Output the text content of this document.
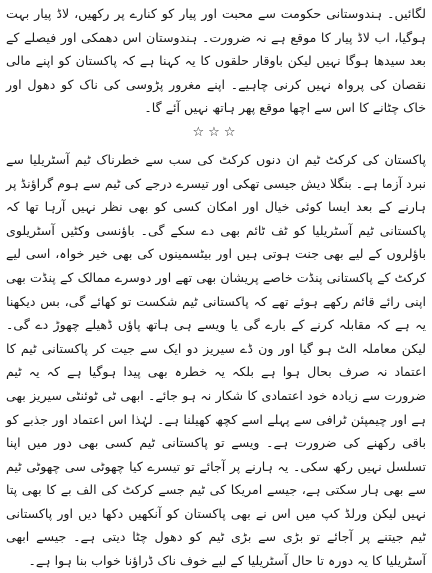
لگائیں۔ ہندوستانی حکومت سے محبت اور پیار کو کنارے پر رکھیں، لاڈ پیار بہت ہوگیا، اب لاڈ پیار کا موقع ہے نہ ضرورت۔ ہندوستان اس دھمکی اور فیصلے کے بعد سیدھا ہوگا نہیں لیکن باوقار حلقوں کا یہ کہنا ہے کہ پاکستان کو اپنے مالی نقصان کی پرواہ نہیں کرنی چاہیے۔ اپنے مغرور پڑوسی کی ناک کو دھول اور خاک چٹانے کا اس سے اچھا موقع پھر ہاتھ نہیں آئے گا۔

☆☆☆

پاکستان کی کرکٹ ٹیم ان دنوں کرکٹ کی سب سے خطرناک ٹیم آسٹریلیا سے نبرد آزما ہے۔ بنگلا دیش جیسی تھکی اور تیسرے درجے کی ٹیم سے ہوم گراؤنڈ پر ہارنے کے بعد ایسا کوئی خیال اور امکان کسی کو بھی نظر نہیں آرہا تھا کہ پاکستانی ٹیم آسٹریلیا کو ٹف ٹائم بھی دے سکے گی۔ باؤنسی وکٹیں آسٹریلوی باؤلروں کے لیے بھی جنت ہوتی ہیں اور بیٹسمینوں کی بھی خیر خواہ، اسی لیے کرکٹ کے پاکستانی پنڈت خاصے پریشان بھی تھے اور دوسرے ممالک کے پنڈت بھی اپنی رائے قائم رکھے ہوئے تھے کہ پاکستانی ٹیم شکست تو کھائے گی، بس دیکھنا یہ ہے کہ مقابلہ کرنے کے بارے گی یا ویسے ہی ہاتھ پاؤں ڈھیلے چھوڑ دے گی۔ لیکن معاملہ الٹ ہو گیا اور ون ڈے سیریز دو ایک سے جیت کر پاکستانی ٹیم کا اعتماد نہ صرف بحال ہوا ہے بلکہ یہ خطرہ بھی پیدا ہوگیا ہے کہ یہ ٹیم ضرورت سے زیادہ خود اعتمادی کا شکار نہ ہو جائے۔ ابھی ٹی ٹوئنٹی سیریز بھی ہے اور چیمپئن ٹرافی سے پہلے اسے کچھ کھیلنا ہے۔ لہٰذا اس اعتماد اور جذبے کو باقی رکھنے کی ضرورت ہے۔ ویسے تو پاکستانی ٹیم کسی بھی دور میں اپنا تسلسل نہیں رکھ سکی۔ یہ ہارنے پر آجائے تو تیسرے کیا چھوٹی سی چھوٹی ٹیم سے بھی ہار سکتی ہے، جیسے امریکا کی ٹیم جسے کرکٹ کی الف بے کا بھی پتا نہیں لیکن ورلڈ کپ میں اس نے بھی پاکستان کو آنکھیں دکھا دیں اور پاکستانی ٹیم جیتنے پر آجائے تو بڑی سے بڑی ٹیم کو دھول چٹا دیتی ہے۔ جیسے ابھی آسٹریلیا کا یہ دورہ تا حال آسٹریلیا کے لیے خوف ناک ڈراؤنا خواب بنا ہوا ہے۔
